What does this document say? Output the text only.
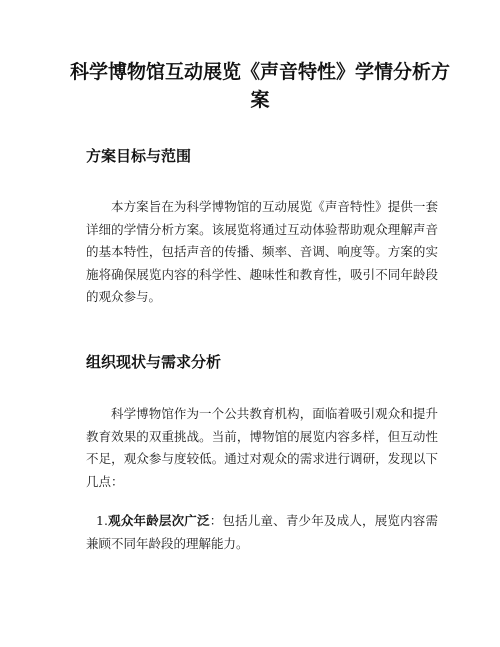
科学博物馆互动展览《声音特性》学情分析方案
方案目标与范围

本方案旨在为科学博物馆的互动展览《声音特性》提供一套详细的学情分析方案。该展览将通过互动体验帮助观众理解声音的基本特性，包括声音的传播、频率、音调、响度等。方案的实施将确保展览内容的科学性、趣味性和教育性，吸引不同年龄段的观众参与。

组织现状与需求分析

科学博物馆作为一个公共教育机构，面临着吸引观众和提升教育效果的双重挑战。当前，博物馆的展览内容多样，但互动性不足，观众参与度较低。通过对观众的需求进行调研，发现以下几点：

1.观众年龄层次广泛：包括儿童、青少年及成人，展览内容需兼顾不同年龄段的理解能力。
